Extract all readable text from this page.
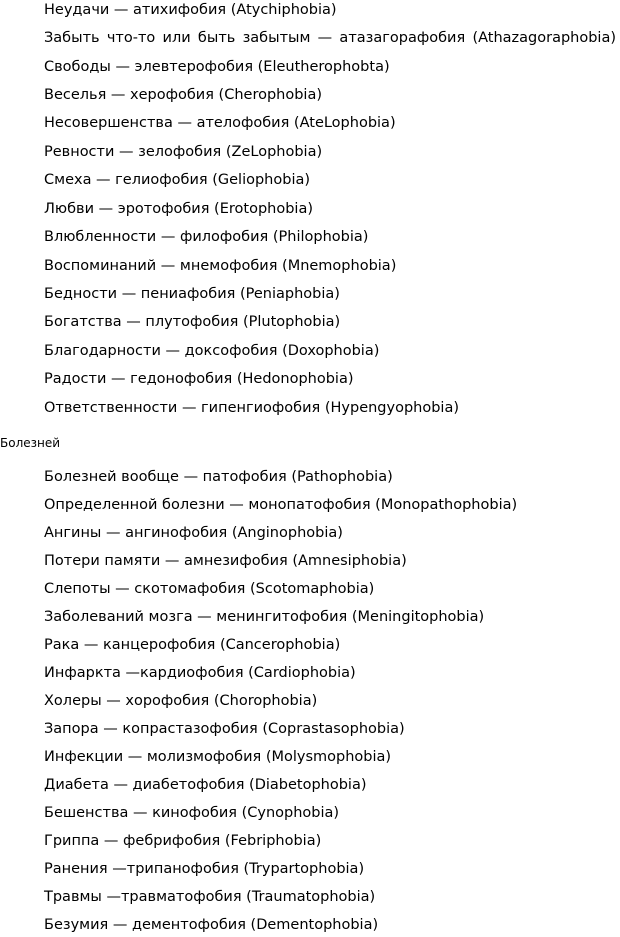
Неудачи — атихифобия (Atychiphobia)
Забыть что-то или быть забытым — атазагорафобия (Athazagoraphobia)
Свободы — элевтерофобия (Eleutherophobta)
Веселья — херофобия (Cherophobia)
Несовершенства — ателофобия (AteLophobia)
Ревности — зелофобия (ZeLophobia)
Смеха — гелиофобия (Geliophobia)
Любви — эротофобия (Erotophobia)
Влюбленности — филофобия (Philophobia)
Воспоминаний — мнемофобия (Mnemophobia)
Бедности — пениафобия (Peniaphobia)
Богатства — плутофобия (Plutophobia)
Благодарности — доксофобия (Doxophobia)
Радости — гедонофобия (Hedonophobia)
Ответственности — гипенгиофобия (Hypengyophobia)
Болезней
Болезней вообще — патофобия (Pathophobia)
Определенной болезни — монопатофобия (Monopathophobia)
Ангины — ангинофобия (Anginophobia)
Потери памяти — амнезифобия (Amnesiphobia)
Слепоты — скотомафобия (Scotomaphobia)
Заболеваний мозга — менингитофобия (Meningitophobia)
Рака — канцерофобия (Cancerophobia)
Инфаркта —кардиофобия (Cardiophobia)
Холеры — хорофобия (Chorophobia)
Запора — копрастазофобия (Coprastasophobia)
Инфекции — молизмофобия (Molysmophobia)
Диабета — диабетофобия (Diabetophobia)
Бешенства — кинофобия (Cynophobia)
Гриппа — фебрифобия (Febriphobia)
Ранения —трипанофобия (Trypartophobia)
Травмы —травматофобия (Traumatophobia)
Безумия — дементофобия (Dementophobia)
